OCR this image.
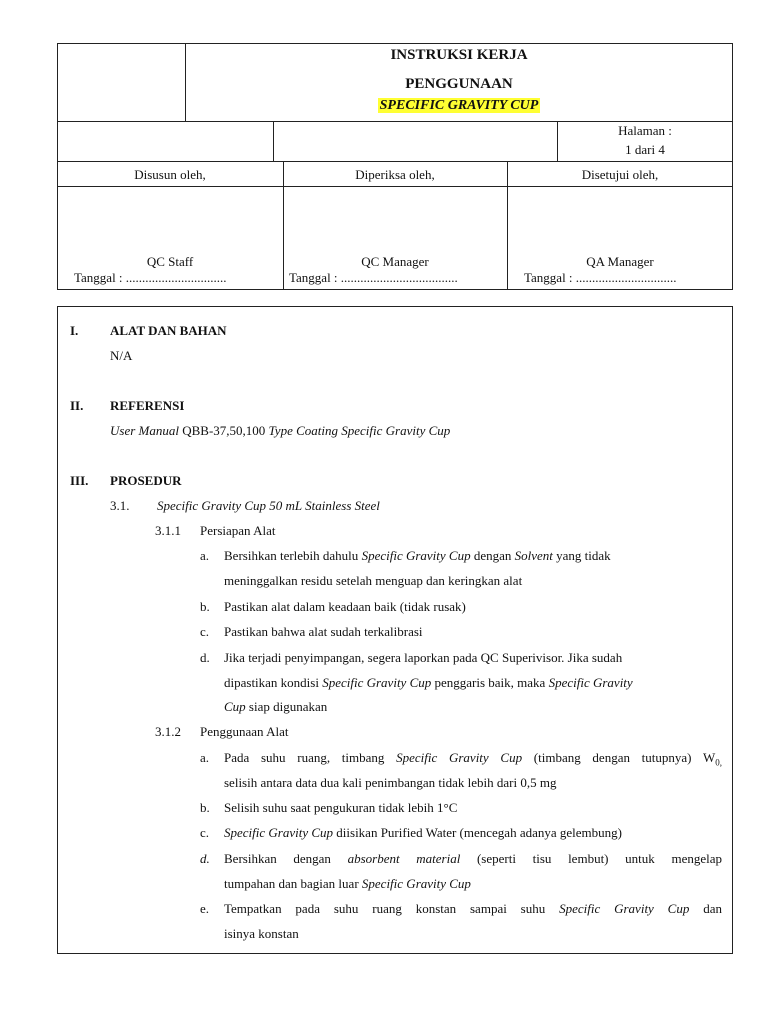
INSTRUKSI KERJA
PENGGUNAAN
SPECIFIC GRAVITY CUP
Halaman :
1 dari 4
Disusun oleh,	Diperiksa oleh,	Disetujui oleh,
QC Staff	QC Manager	QA Manager
Tanggal : ...............................	Tanggal : ....................................	Tanggal : ...............................
I. ALAT DAN BAHAN
N/A
II. REFERENSI
User Manual QBB-37,50,100 Type Coating Specific Gravity Cup
III. PROSEDUR
3.1. Specific Gravity Cup 50 mL Stainless Steel
3.1.1 Persiapan Alat
a. Bersihkan terlebih dahulu Specific Gravity Cup dengan Solvent yang tidak
meninggalkan residu setelah menguap dan keringkan alat
b. Pastikan alat dalam keadaan baik (tidak rusak)
c. Pastikan bahwa alat sudah terkalibrasi
d. Jika terjadi penyimpangan, segera laporkan pada QC Superivisor. Jika sudah
dipastikan kondisi Specific Gravity Cup penggaris baik, maka Specific Gravity
Cup siap digunakan
3.1.2 Penggunaan Alat
a. Pada suhu ruang, timbang Specific Gravity Cup (timbang dengan tutupnya) $W_{0,}$
selisih antara data dua kali penimbangan tidak lebih dari 0,5 mg
b. Selisih suhu saat pengukuran tidak lebih 1°C
c. Specific Gravity Cup diisikan Purified Water (mencegah adanya gelembung)
d. Bersihkan dengan absorbent material (seperti tisu lembut) untuk mengelap
tumpahan dan bagian luar Specific Gravity Cup
e. Tempatkan pada suhu ruang konstan sampai suhu Specific Gravity Cup dan
isinya konstan
